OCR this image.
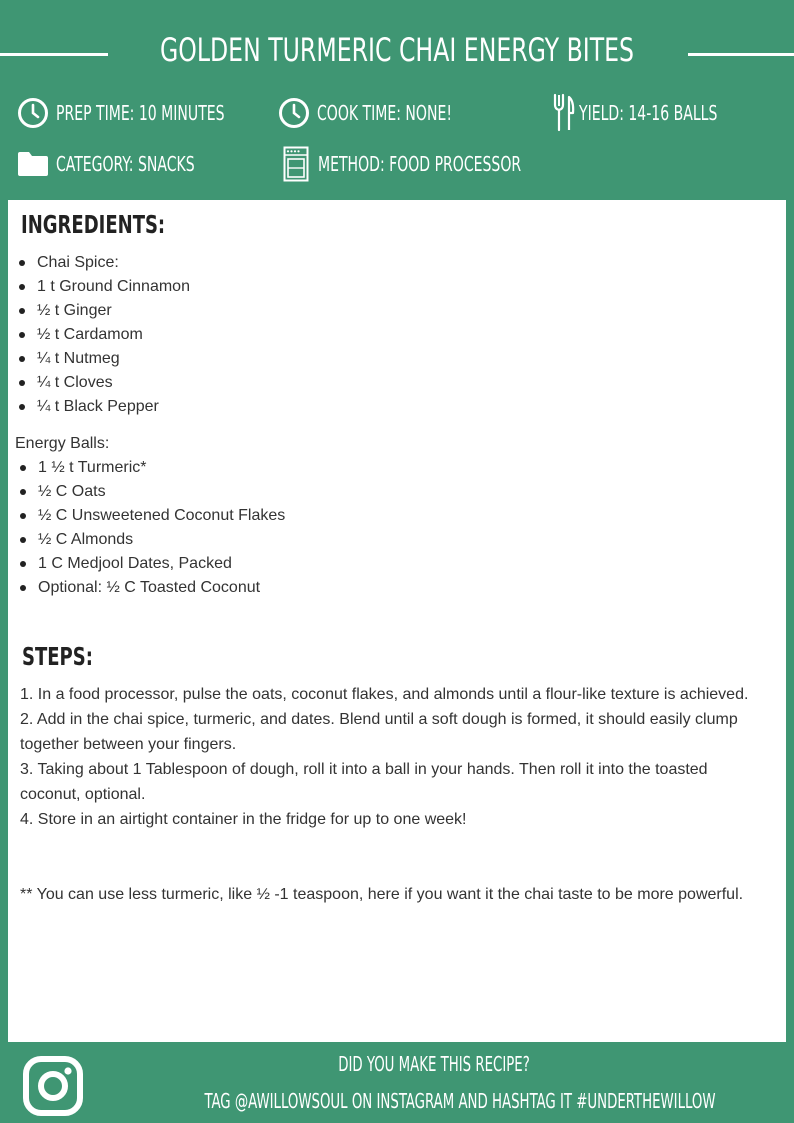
GOLDEN TURMERIC CHAI ENERGY BITES
PREP TIME: 10 MINUTES	COOK TIME: NONE!	YIELD: 14-16 BALLS
CATEGORY: SNACKS	METHOD: FOOD PROCESSOR
INGREDIENTS:
Chai Spice:
1 t Ground Cinnamon
½ t Ginger
½ t Cardamom
¼ t Nutmeg
¼ t Cloves
¼ t Black Pepper
Energy Balls:
1 ½ t Turmeric*
½ C Oats
½ C Unsweetened Coconut Flakes
½ C Almonds
1 C Medjool Dates, Packed
Optional: ½ C Toasted Coconut
STEPS:
1. In a food processor, pulse the oats, coconut flakes, and almonds until a flour-like texture is achieved.
2. Add in the chai spice, turmeric, and dates. Blend until a soft dough is formed, it should easily clump together between your fingers.
3. Taking about 1 Tablespoon of dough, roll it into a ball in your hands. Then roll it into the toasted coconut, optional.
4. Store in an airtight container in the fridge for up to one week!
** You can use less turmeric, like ½ -1 teaspoon, here if you want it the chai taste to be more powerful.
DID YOU MAKE THIS RECIPE?
TAG @AWILLOWSOUL ON INSTAGRAM AND HASHTAG IT #UNDERTHEWILLOW
